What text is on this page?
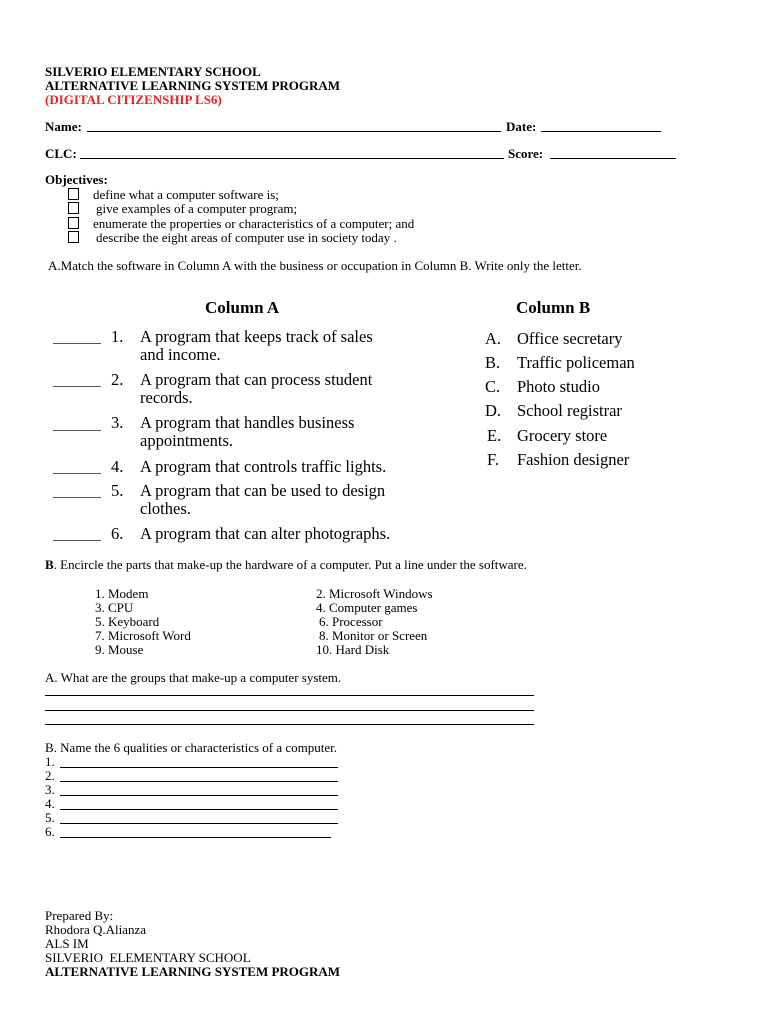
SILVERIO ELEMENTARY SCHOOL
ALTERNATIVE LEARNING SYSTEM PROGRAM
(DIGITAL CITIZENSHIP LS6)
Name:	Date:
CLC:	Score:
Objectives:
define what a computer software is;
give examples of a computer program;
enumerate the properties or characteristics of a computer; and
describe the eight areas of computer use in society today .
A.Match the software in Column A with the business or occupation in Column B. Write only the letter.
Column A	Column B
1. A program that keeps track of sales
and income.
2. A program that can process student
records.
3. A program that handles business
appointments.
4. A program that controls traffic lights.
5. A program that can be used to design
clothes.
6. A program that can alter photographs.
A. Office secretary
B. Traffic policeman
C. Photo studio
D. School registrar
E. Grocery store
F. Fashion designer
B. Encircle the parts that make-up the hardware of a computer. Put a line under the software.
1. Modem
3. CPU
5. Keyboard
7. Microsoft Word
9. Mouse
2. Microsoft Windows
4. Computer games
6. Processor
8. Monitor or Screen
10. Hard Disk
A. What are the groups that make-up a computer system.
B. Name the 6 qualities or characteristics of a computer.
1.
2.
3.
4.
5.
6.
Prepared By:
Rhodora Q.Alianza
ALS IM
SILVERIO  ELEMENTARY SCHOOL
ALTERNATIVE LEARNING SYSTEM PROGRAM
